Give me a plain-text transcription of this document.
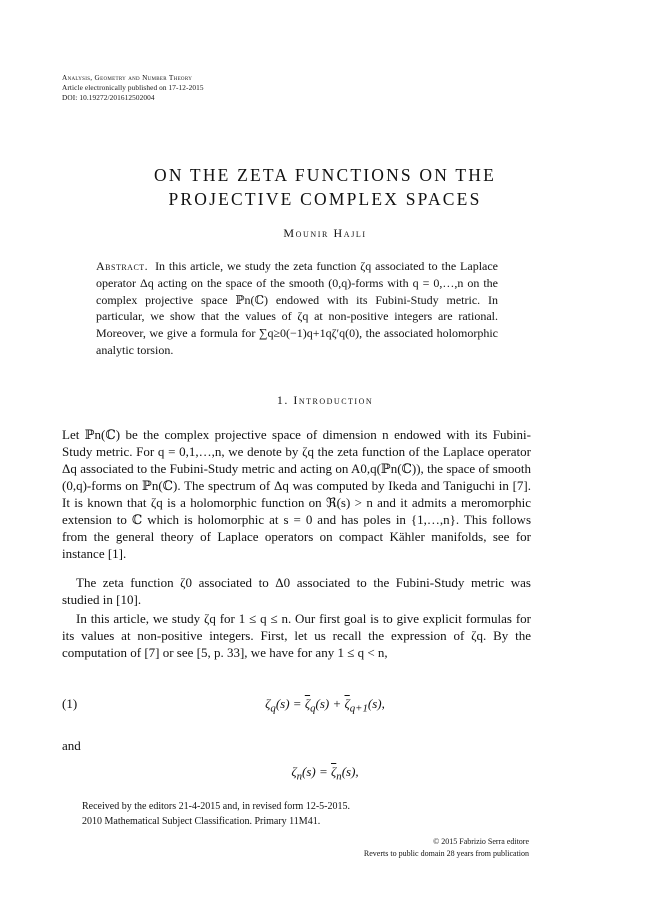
Analysis, Geometry and Number Theory
Article electronically published on 17-12-2015
DOI: 10.19272/201612502004
ON THE ZETA FUNCTIONS ON THE
PROJECTIVE COMPLEX SPACES
Mounir Hajli
Abstract. In this article, we study the zeta function ζq associated to the Laplace operator Δq acting on the space of the smooth (0,q)-forms with q = 0,…,n on the complex projective space ℙn(ℂ) endowed with its Fubini-Study metric. In particular, we show that the values of ζq at non-positive integers are rational. Moreover, we give a formula for ∑q≥0(−1)q+1qζ′q(0), the associated holomorphic analytic torsion.
1. Introduction
Let ℙn(ℂ) be the complex projective space of dimension n endowed with its Fubini-Study metric. For q = 0,1,…,n, we denote by ζq the zeta function of the Laplace operator Δq associated to the Fubini-Study metric and acting on A0,q(ℙn(ℂ)), the space of smooth (0,q)-forms on ℙn(ℂ). The spectrum of Δq was computed by Ikeda and Taniguchi in [7]. It is known that ζq is a holomorphic function on ℜ(s) > n and it admits a meromorphic extension to ℂ which is holomorphic at s = 0 and has poles in {1,…,n}. This follows from the general theory of Laplace operators on compact Kähler manifolds, see for instance [1].
The zeta function ζ0 associated to Δ0 associated to the Fubini-Study metric was studied in [10].
In this article, we study ζq for 1 ≤ q ≤ n. Our first goal is to give explicit formulas for its values at non-positive integers. First, let us recall the expression of ζq. By the computation of [7] or see [5, p. 33], we have for any 1 ≤ q < n,
(1)	$\zeta_q(s) = \overline{\zeta}_q(s) + \overline{\zeta}_{q+1}(s)$,
and
$\zeta_n(s) = \overline{\zeta}_n(s)$,
Received by the editors 21-4-2015 and, in revised form 12-5-2015.
2010 Mathematical Subject Classification. Primary 11M41.
© 2015 Fabrizio Serra editore
Reverts to public domain 28 years from publication
